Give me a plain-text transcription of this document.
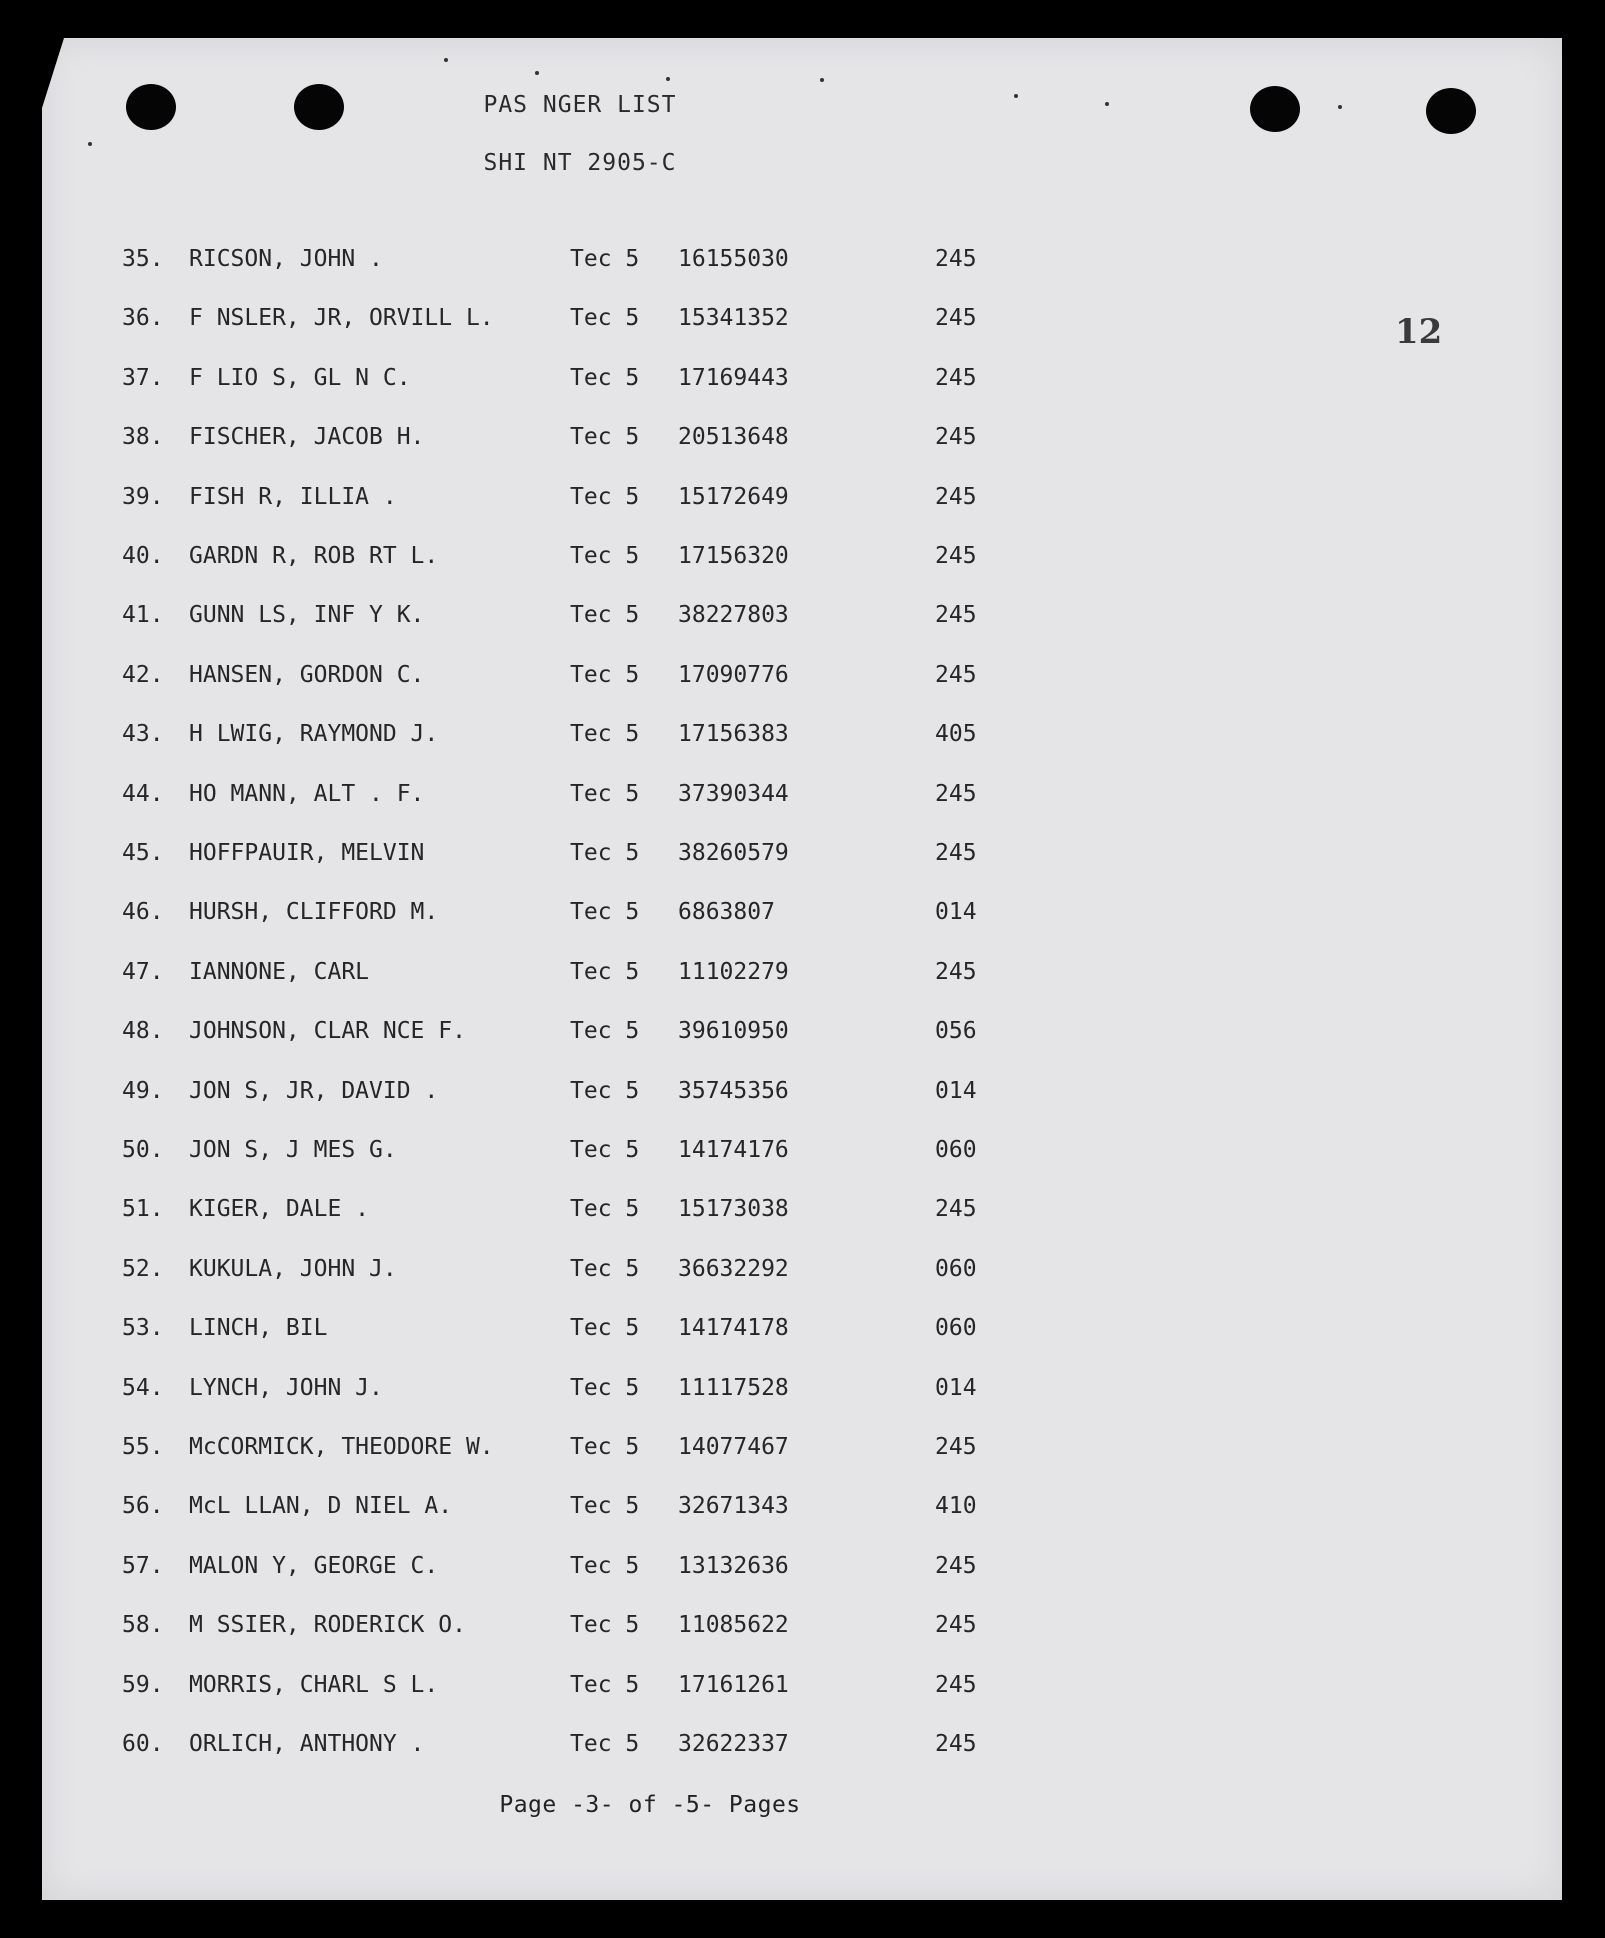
PAS NGER LIST
SHI NT 2905-C
12
35.	RICSON, JOHN .	Tec 5 16155030	245
36.	F NSLER, JR, ORVILL L.	Tec 5 15341352	245
37.	F LIO S, GL N C.	Tec 5 17169443	245
38.	FISCHER, JACOB H.	Tec 5 20513648	245
39.	FISH R, ILLIA .	Tec 5 15172649	245
40.	GARDN R, ROB RT L.	Tec 5 17156320	245
41.	GUNN LS, INF Y K.	Tec 5 38227803	245
42.	HANSEN, GORDON C.	Tec 5 17090776	245
43.	H LWIG, RAYMOND J.	Tec 5 17156383	405
44.	HO MANN, ALT . F.	Tec 5 37390344	245
45.	HOFFPAUIR, MELVIN	Tec 5 38260579	245
46.	HURSH, CLIFFORD M.	Tec 5 6863807	014
47.	IANNONE, CARL	Tec 5 11102279	245
48.	JOHNSON, CLAR NCE F.	Tec 5 39610950	056
49.	JON S, JR, DAVID .	Tec 5 35745356	014
50.	JON S, J MES G.	Tec 5 14174176	060
51.	KIGER, DALE .	Tec 5 15173038	245
52.	KUKULA, JOHN J.	Tec 5 36632292	060
53.	LINCH, BIL	Tec 5 14174178	060
54.	LYNCH, JOHN J.	Tec 5 11117528	014
55.	McCORMICK, THEODORE W.	Tec 5 14077467	245
56.	McL LLAN, D NIEL A.	Tec 5 32671343	410
57.	MALON Y, GEORGE C.	Tec 5 13132636	245
58.	M SSIER, RODERICK O.	Tec 5 11085622	245
59.	MORRIS, CHARL S L.	Tec 5 17161261	245
60.	ORLICH, ANTHONY .	Tec 5 32622337	245
Page -3- of -5- Pages
